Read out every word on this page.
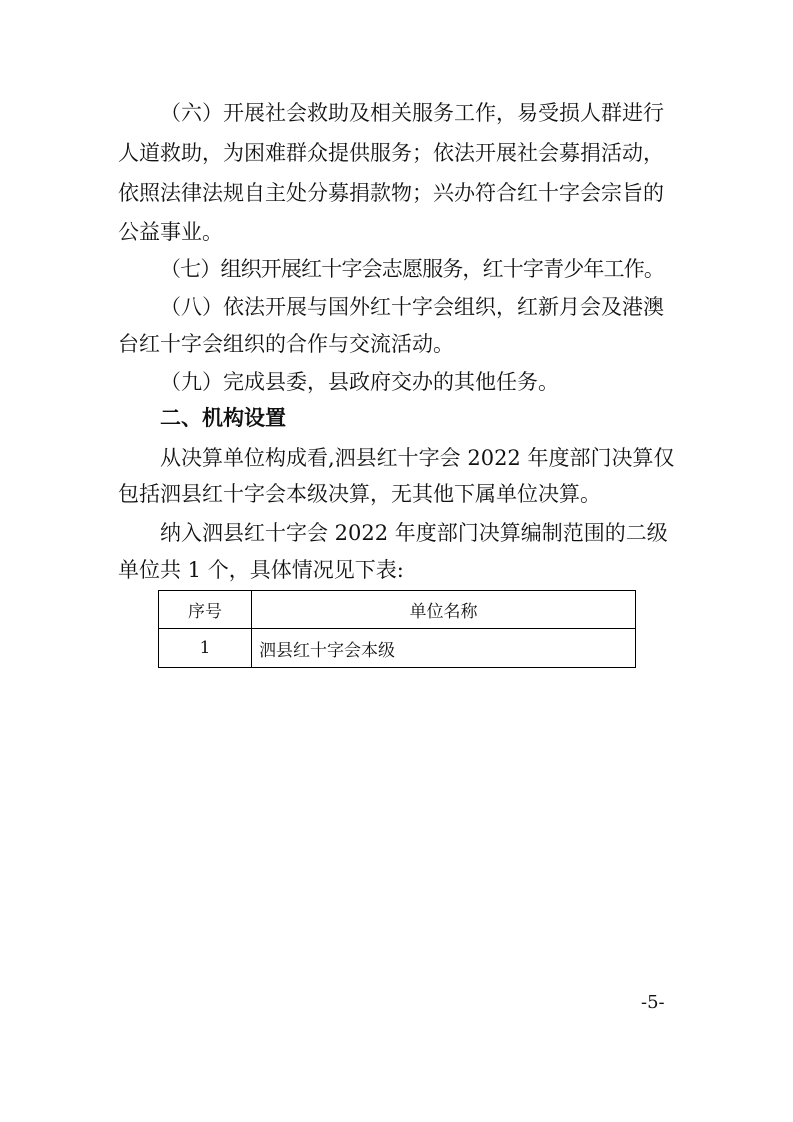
（六）开展社会救助及相关服务工作，易受损人群进行
人道救助，为困难群众提供服务；依法开展社会募捐活动，
依照法律法规自主处分募捐款物；兴办符合红十字会宗旨的
公益事业。
（七）组织开展红十字会志愿服务，红十字青少年工作。
（八）依法开展与国外红十字会组织，红新月会及港澳
台红十字会组织的合作与交流活动。
（九）完成县委，县政府交办的其他任务。
二、机构设置
从决算单位构成看,泗县红十字会 2022 年度部门决算仅
包括泗县红十字会本级决算，无其他下属单位决算。
纳入泗县红十字会 2022 年度部门决算编制范围的二级
单位共 1 个，具体情况见下表:
序号	单位名称
1	泗县红十字会本级
-5-
